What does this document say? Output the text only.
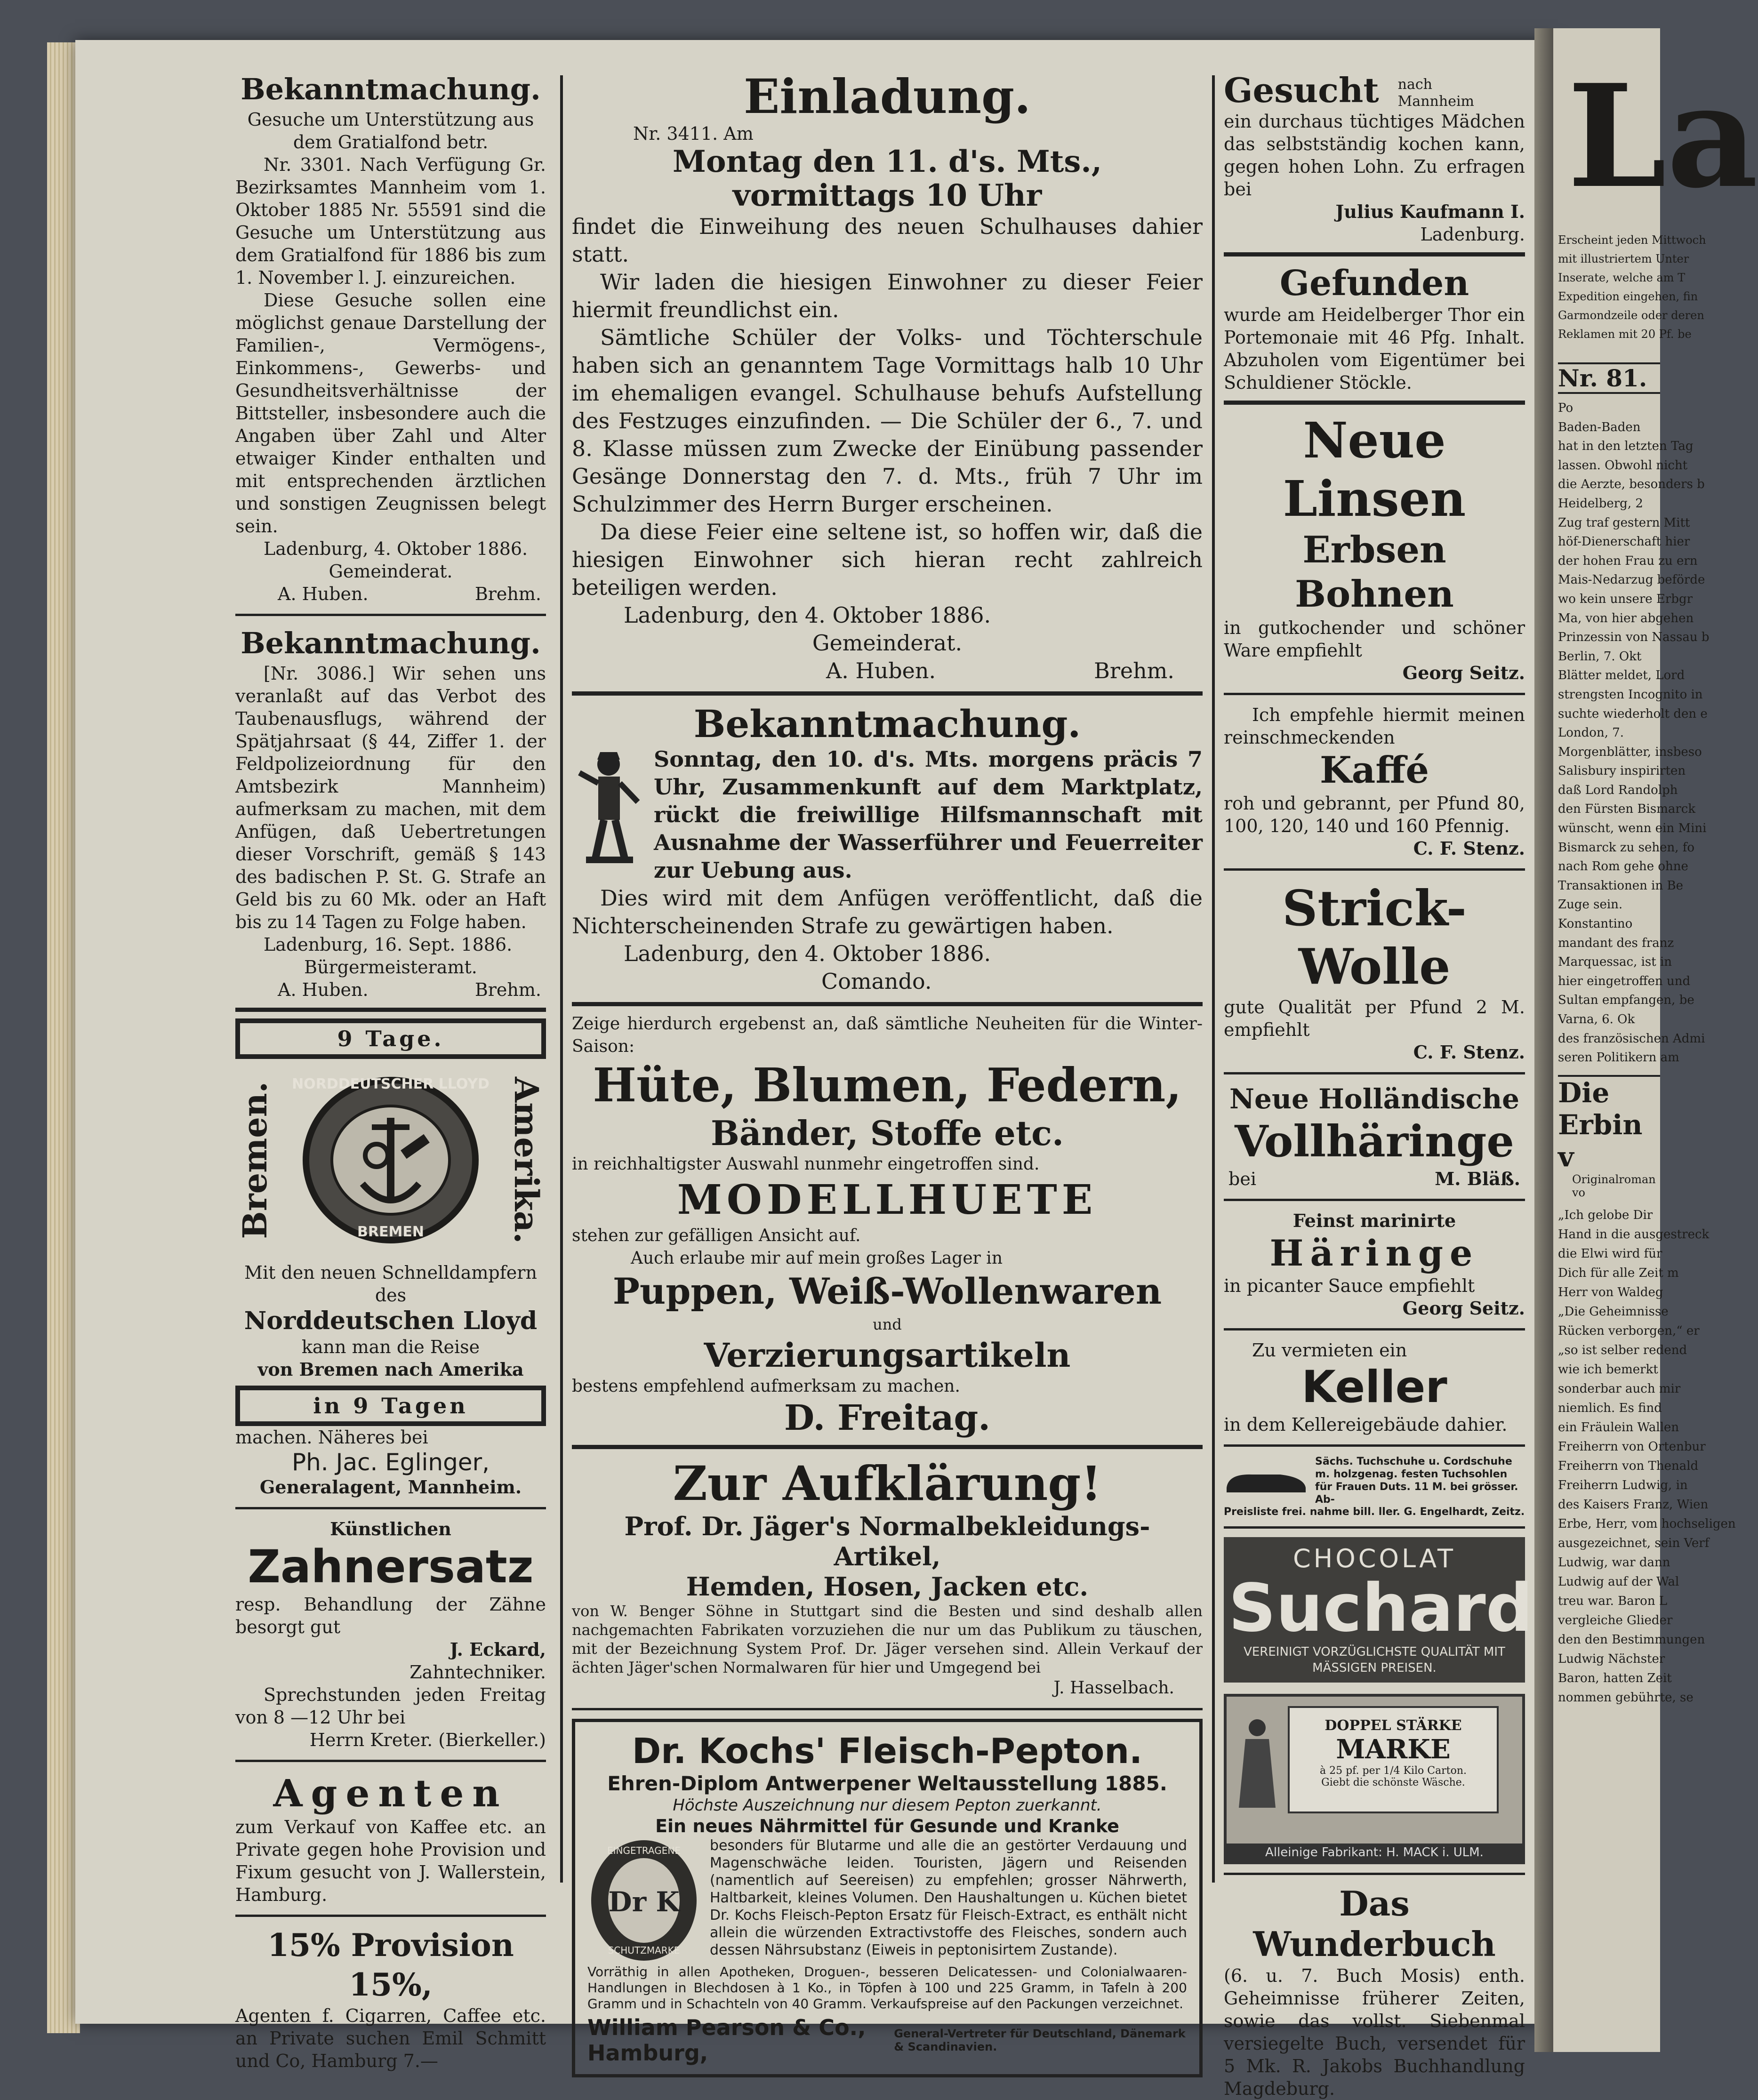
La
Erscheint jeden Mittwoch
mit illustriertem Unter
Inserate, welche am T
Expedition eingehen, fin
Garmondzeile oder deren
Reklamen mit 20 Pf. be
Nr. 81.
Po
Baden-Baden
hat in den letzten Tag
lassen. Obwohl nicht
die Aerzte, besonders b
Heidelberg, 2
Zug traf gestern Mitt
höf-Dienerschaft hier
der hohen Frau zu ern
Mais-Nedarzug beförde
wo kein unsere Erbgr
Ma, von hier abgehen
Prinzessin von Nassau b
Berlin, 7. Okt
Blätter meldet, Lord
strengsten Incognito in
suchte wiederholt den e
London, 7.
Morgenblätter, insbeso
Salisbury inspirirten
daß Lord Randolph
den Fürsten Bismarck
wünscht, wenn ein Mini
Bismarck zu sehen, fo
nach Rom gehe ohne
Transaktionen in Be
Zuge sein.
Konstantino
mandant des franz
Marquessac, ist in
hier eingetroffen und
Sultan empfangen, be
Varna, 6. Ok
des französischen Admi
seren Politikern am
Die Erbin v
Originalroman vo
„Ich gelobe Dir
Hand in die ausgestreck
die Elwi wird für
Dich für alle Zeit m
Herr von Waldeg
„Die Geheimnisse
Rücken verborgen,“ er
„so ist selber redend
wie ich bemerkt
sonderbar auch mir
niemlich. Es find
ein Fräulein Wallen
Freiherrn von Ortenbur
Freiherrn von Thenald
Freiherrn Ludwig, in
des Kaisers Franz, Wien
Erbe, Herr, vom hochseligen
ausgezeichnet, sein Verf
Ludwig, war dann
Ludwig auf der Wal
treu war. Baron L
vergleiche Glieder
den den Bestimmungen
Ludwig Nächster
Baron, hatten Zeit
nommen gebührte, se
Bekanntmachung.
Gesuche um Unterstützung aus dem Gratialfond betr.
Nr. 3301. Nach Verfügung Gr. Bezirksamtes Mannheim vom 1. Oktober 1885 Nr. 55591 sind die Gesuche um Unterstützung aus dem Gratialfond für 1886 bis zum 1. November l. J. einzureichen.
Diese Gesuche sollen eine möglichst genaue Darstellung der Familien-, Vermögens-, Einkommens-, Gewerbs- und Gesundheitsverhältnisse der Bittsteller, insbesondere auch die Angaben über Zahl und Alter etwaiger Kinder enthalten und mit entsprechenden ärztlichen und sonstigen Zeugnissen belegt sein.
Ladenburg, 4. Oktober 1886.
Gemeinderat.
A. Huben.	Brehm.
Bekanntmachung.
[Nr. 3086.] Wir sehen uns veranlaßt auf das Verbot des Taubenausflugs, während der Spätjahrsaat (§ 44, Ziffer 1. der Feldpolizeiordnung für den Amtsbezirk Mannheim) aufmerksam zu machen, mit dem Anfügen, daß Uebertretungen dieser Vorschrift, gemäß § 143 des badischen P. St. G. Strafe an Geld bis zu 60 Mk. oder an Haft bis zu 14 Tagen zu Folge haben.
Ladenburg, 16. Sept. 1886.
Bürgermeisteramt.
A. Huben.	Brehm.
9 Tage.
Bremen. NORDDEUTSCHER LLOYD
BREMEN	Amerika.
Mit den neuen Schnelldampfern des
Norddeutschen Lloyd
kann man die Reise
von Bremen nach Amerika
in 9 Tagen
machen. Näheres bei
Ph. Jac. Eglinger,
Generalagent, Mannheim.
Künstlichen
Zahnersatz
resp. Behandlung der Zähne besorgt gut
J. Eckard,
Zahntechniker.
Sprechstunden jeden Freitag von 8 —12 Uhr bei
Herrn Kreter. (Bierkeller.)
Agenten
zum Verkauf von Kaffee etc. an Private gegen hohe Provision und Fixum gesucht von J. Wallerstein, Hamburg.
15% Provision 15%,
Agenten f. Cigarren, Caffee etc. an Private suchen Emil Schmitt und Co, Hamburg 7.—
Einladung.
Nr. 3411. Am
Montag den 11. d's. Mts.,
vormittags 10 Uhr
findet die Einweihung des neuen Schulhauses dahier statt.
Wir laden die hiesigen Einwohner zu dieser Feier hiermit freundlichst ein.
Sämtliche Schüler der Volks- und Töchterschule haben sich an genanntem Tage Vormittags halb 10 Uhr im ehemaligen evangel. Schulhause behufs Aufstellung des Festzuges einzufinden. — Die Schüler der 6., 7. und 8. Klasse müssen zum Zwecke der Einübung passender Gesänge Donnerstag den 7. d. Mts., früh 7 Uhr im Schulzimmer des Herrn Burger erscheinen.
Da diese Feier eine seltene ist, so hoffen wir, daß die hiesigen Einwohner sich hieran recht zahlreich beteiligen werden.
Ladenburg, den 4. Oktober 1886.
Gemeinderat.
A. Huben.	Brehm.
Bekanntmachung.
Sonntag, den 10. d's. Mts. morgens präcis 7 Uhr, Zusammenkunft auf dem Marktplatz, rückt die freiwillige Hilfsmannschaft mit Ausnahme der Wasserführer und Feuerreiter zur Uebung aus.
Dies wird mit dem Anfügen veröffentlicht, daß die Nichterscheinenden Strafe zu gewärtigen haben.
Ladenburg, den 4. Oktober 1886.
Comando.
Zeige hierdurch ergebenst an, daß sämtliche Neuheiten für die Winter-Saison:
Hüte, Blumen, Federn,
Bänder, Stoffe etc.
in reichhaltigster Auswahl nunmehr eingetroffen sind.
MODELLHUETE
stehen zur gefälligen Ansicht auf.
Auch erlaube mir auf mein großes Lager in
Puppen, Weiß-Wollenwaren
und
Verzierungsartikeln
bestens empfehlend aufmerksam zu machen.
D. Freitag.
Zur Aufklärung!
Prof. Dr. Jäger's Normalbekleidungs-Artikel,
Hemden, Hosen, Jacken etc.
von W. Benger Söhne in Stuttgart sind die Besten und sind deshalb allen nachgemachten Fabrikaten vorzuziehen die nur um das Publikum zu täuschen, mit der Bezeichnung System Prof. Dr. Jäger versehen sind. Allein Verkauf der ächten Jäger'schen Normalwaren für hier und Umgegend bei
J. Hasselbach.
Dr. Kochs' Fleisch-Pepton.
Ehren-Diplom Antwerpener Weltausstellung 1885.
Höchste Auszeichnung nur diesem Pepton zuerkannt.
Ein neues Nährmittel für Gesunde und Kranke
Dr K
EINGETRAGENE
SCHUTZMARKE
besonders für Blutarme und alle die an gestörter Verdauung und Magenschwäche leiden. Touristen, Jägern und Reisenden (namentlich auf Seereisen) zu empfehlen; grosser Nährwerth, Haltbarkeit, kleines Volumen. Den Haushaltungen u. Küchen bietet Dr. Kochs Fleisch-Pepton Ersatz für Fleisch-Extract, es enthält nicht allein die würzenden Extractivstoffe des Fleisches, sondern auch dessen Nährsubstanz (Eiweis in peptonisirtem Zustande).
Vorräthig in allen Apotheken, Droguen-, besseren Delicatessen- und Colonialwaaren-Handlungen in Blechdosen à 1 Ko., in Töpfen à 100 und 225 Gramm, in Tafeln à 200 Gramm und in Schachteln von 40 Gramm. Verkaufspreise auf den Packungen verzeichnet.
William Pearson & Co., Hamburg,
General-Vertreter für Deutschland, Dänemark & Scandinavien.
Gesucht nach Mannheim
ein durchaus tüchtiges Mädchen das selbstständig kochen kann, gegen hohen Lohn. Zu erfragen bei
Julius Kaufmann I.
Ladenburg.
Gefunden
wurde am Heidelberger Thor ein Portemonaie mit 46 Pfg. Inhalt. Abzuholen vom Eigentümer bei Schuldiener Stöckle.
Neue Linsen
Erbsen Bohnen
in gutkochender und schöner Ware empfiehlt
Georg Seitz.
Ich empfehle hiermit meinen reinschmeckenden
Kaffé
roh und gebrannt, per Pfund 80, 100, 120, 140 und 160 Pfennig.
C. F. Stenz.
Strick-Wolle
gute Qualität per Pfund 2 M. empfiehlt
C. F. Stenz.
Neue Holländische
Vollhäringe
bei	M. Bläß.
Feinst marinirte
Häringe
in picanter Sauce empfiehlt
Georg Seitz.
Zu vermieten ein
Keller
in dem Kellereigebäude dahier.
Sächs. Tuchschuhe u. Cordschuhe
m. holzgenag. festen Tuchsohlen für Frauen Duts. 11 M. bei grösser. Ab-
Preisliste frei. nahme bill. ller. G. Engelhardt, Zeitz.
CHOCOLAT
Suchard
VEREINIGT VORZÜGLICHSTE QUALITÄT MIT MÄSSIGEN PREISEN.
DOPPEL STÄRKE
MARKE
à 25 pf. per 1/4 Kilo Carton.
Giebt die schönste Wäsche.
Alleinige Fabrikant: H. MACK i. ULM.
Das Wunderbuch
(6. u. 7. Buch Mosis) enth. Geheimnisse früherer Zeiten, sowie das vollst. Siebenmal versiegelte Buch, versendet für 5 Mk. R. Jakobs Buchhandlung Magdeburg.
